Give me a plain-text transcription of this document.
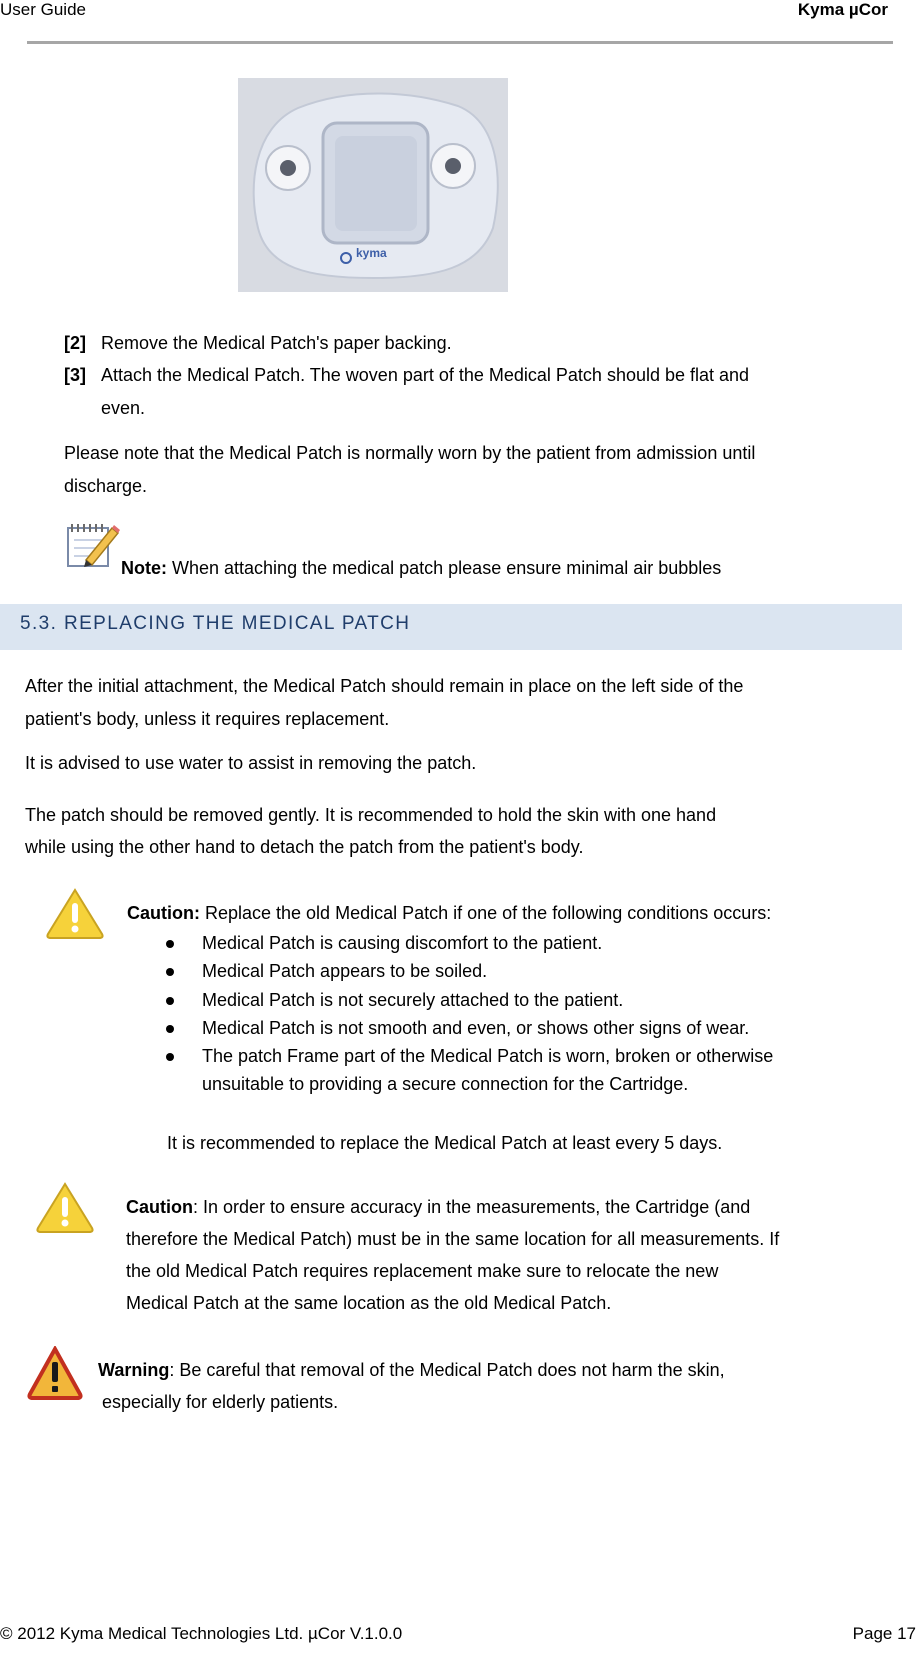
User Guide	Kyma µCor
kyma
[2] Remove the Medical Patch's paper backing.
[3] Attach the Medical Patch. The woven part of the Medical Patch should be flat and
even.
Please note that the Medical Patch is normally worn by the patient from admission until
discharge.
Note: When attaching the medical patch please ensure minimal air bubbles
5.3. REPLACING THE MEDICAL PATCH
After the initial attachment, the Medical Patch should remain in place on the left side of the
patient's body, unless it requires replacement.
It is advised to use water to assist in removing the patch.
The patch should be removed gently. It is recommended to hold the skin with one hand
while using the other hand to detach the patch from the patient's body.
Caution: Replace the old Medical Patch if one of the following conditions occurs:
Medical Patch is causing discomfort to the patient.
Medical Patch appears to be soiled.
Medical Patch is not securely attached to the patient.
Medical Patch is not smooth and even, or shows other signs of wear.
The patch Frame part of the Medical Patch is worn, broken or otherwise
unsuitable to providing a secure connection for the Cartridge.
It is recommended to replace the Medical Patch at least every 5 days.
Caution: In order to ensure accuracy in the measurements, the Cartridge (and
therefore the Medical Patch) must be in the same location for all measurements. If
the old Medical Patch requires replacement make sure to relocate the new
Medical Patch at the same location as the old Medical Patch.
Warning: Be careful that removal of the Medical Patch does not harm the skin,
especially for elderly patients.
© 2012 Kyma Medical Technologies Ltd. µCor V.1.0.0	Page 17
